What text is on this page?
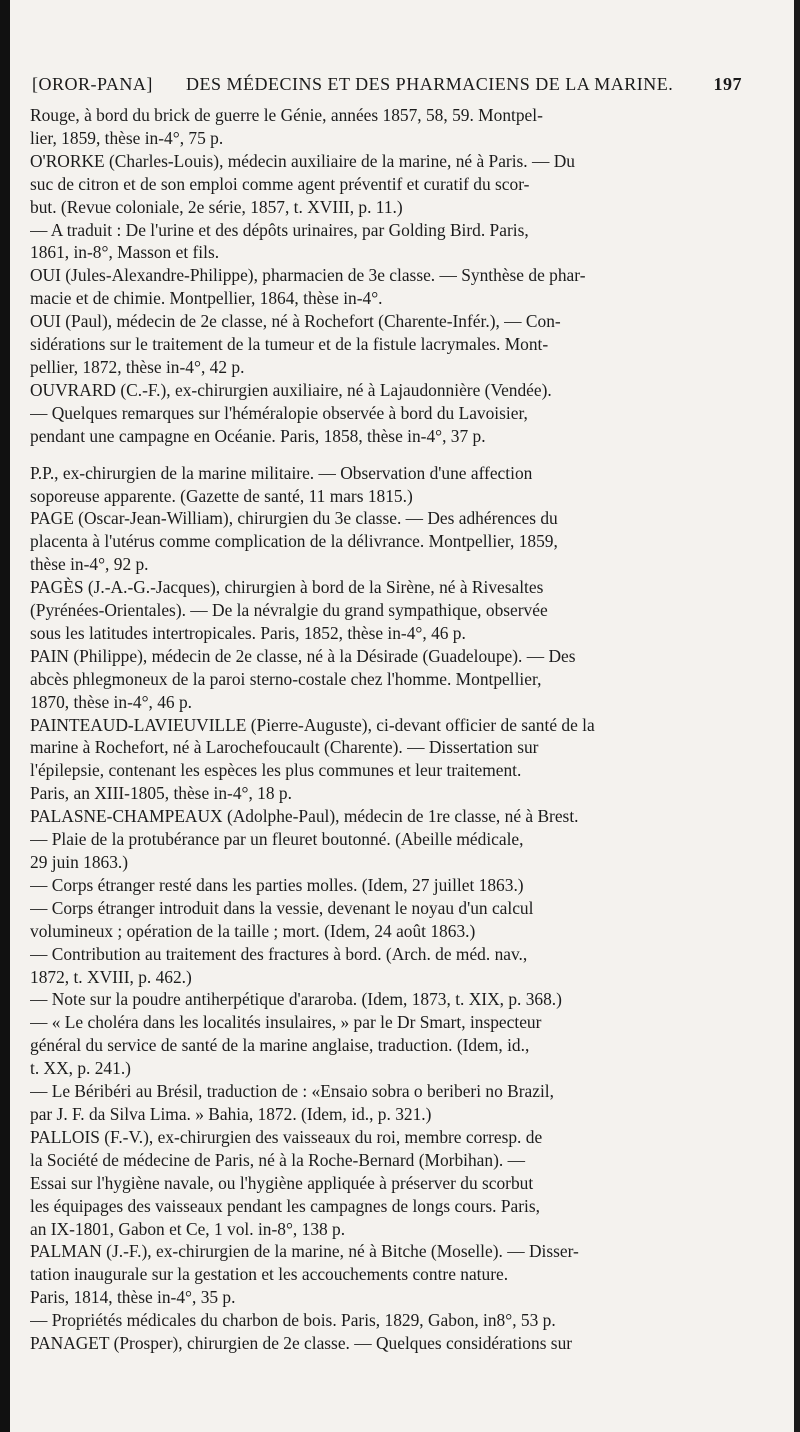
[OROR-PANA] DES MÉDECINS ET DES PHARMACIENS DE LA MARINE. 197
Rouge, à bord du brick de guerre le Génie, années 1857, 58, 59. Montpel-
lier, 1859, thèse in-4°, 75 p.
O'RORKE (Charles-Louis), médecin auxiliaire de la marine, né à Paris. — Du
suc de citron et de son emploi comme agent préventif et curatif du scor-
but. (Revue coloniale, 2e série, 1857, t. XVIII, p. 11.)
— A traduit : De l'urine et des dépôts urinaires, par Golding Bird. Paris,
1861, in-8°, Masson et fils.
OUI (Jules-Alexandre-Philippe), pharmacien de 3e classe. — Synthèse de phar-
macie et de chimie. Montpellier, 1864, thèse in-4°.
OUI (Paul), médecin de 2e classe, né à Rochefort (Charente-Infér.), — Con-
sidérations sur le traitement de la tumeur et de la fistule lacrymales. Mont-
pellier, 1872, thèse in-4°, 42 p.
OUVRARD (C.-F.), ex-chirurgien auxiliaire, né à Lajaudonnière (Vendée).
— Quelques remarques sur l'héméralopie observée à bord du Lavoisier,
pendant une campagne en Océanie. Paris, 1858, thèse in-4°, 37 p.
P.P., ex-chirurgien de la marine militaire. — Observation d'une affection
soporeuse apparente. (Gazette de santé, 11 mars 1815.)
PAGE (Oscar-Jean-William), chirurgien du 3e classe. — Des adhérences du
placenta à l'utérus comme complication de la délivrance. Montpellier, 1859,
thèse in-4°, 92 p.
PAGÈS (J.-A.-G.-Jacques), chirurgien à bord de la Sirène, né à Rivesaltes
(Pyrénées-Orientales). — De la névralgie du grand sympathique, observée
sous les latitudes intertropicales. Paris, 1852, thèse in-4°, 46 p.
PAIN (Philippe), médecin de 2e classe, né à la Désirade (Guadeloupe). — Des
abcès phlegmoneux de la paroi sterno-costale chez l'homme. Montpellier,
1870, thèse in-4°, 46 p.
PAINTEAUD-LAVIEUVILLE (Pierre-Auguste), ci-devant officier de santé de la
marine à Rochefort, né à Larochefoucault (Charente). — Dissertation sur
l'épilepsie, contenant les espèces les plus communes et leur traitement.
Paris, an XIII-1805, thèse in-4°, 18 p.
PALASNE-CHAMPEAUX (Adolphe-Paul), médecin de 1re classe, né à Brest.
— Plaie de la protubérance par un fleuret boutonné. (Abeille médicale,
29 juin 1863.)
— Corps étranger resté dans les parties molles. (Idem, 27 juillet 1863.)
— Corps étranger introduit dans la vessie, devenant le noyau d'un calcul
volumineux ; opération de la taille ; mort. (Idem, 24 août 1863.)
— Contribution au traitement des fractures à bord. (Arch. de méd. nav.,
1872, t. XVIII, p. 462.)
— Note sur la poudre antiherpétique d'araroba. (Idem, 1873, t. XIX, p. 368.)
— « Le choléra dans les localités insulaires, » par le Dr Smart, inspecteur
général du service de santé de la marine anglaise, traduction. (Idem, id.,
t. XX, p. 241.)
— Le Béribéri au Brésil, traduction de : «Ensaio sobra o beriberi no Brazil,
par J. F. da Silva Lima. » Bahia, 1872. (Idem, id., p. 321.)
PALLOIS (F.-V.), ex-chirurgien des vaisseaux du roi, membre corresp. de
la Société de médecine de Paris, né à la Roche-Bernard (Morbihan). —
Essai sur l'hygiène navale, ou l'hygiène appliquée à préserver du scorbut
les équipages des vaisseaux pendant les campagnes de longs cours. Paris,
an IX-1801, Gabon et Ce, 1 vol. in-8°, 138 p.
PALMAN (J.-F.), ex-chirurgien de la marine, né à Bitche (Moselle). — Disser-
tation inaugurale sur la gestation et les accouchements contre nature.
Paris, 1814, thèse in-4°, 35 p.
— Propriétés médicales du charbon de bois. Paris, 1829, Gabon, in8°, 53 p.
PANAGET (Prosper), chirurgien de 2e classe. — Quelques considérations sur
